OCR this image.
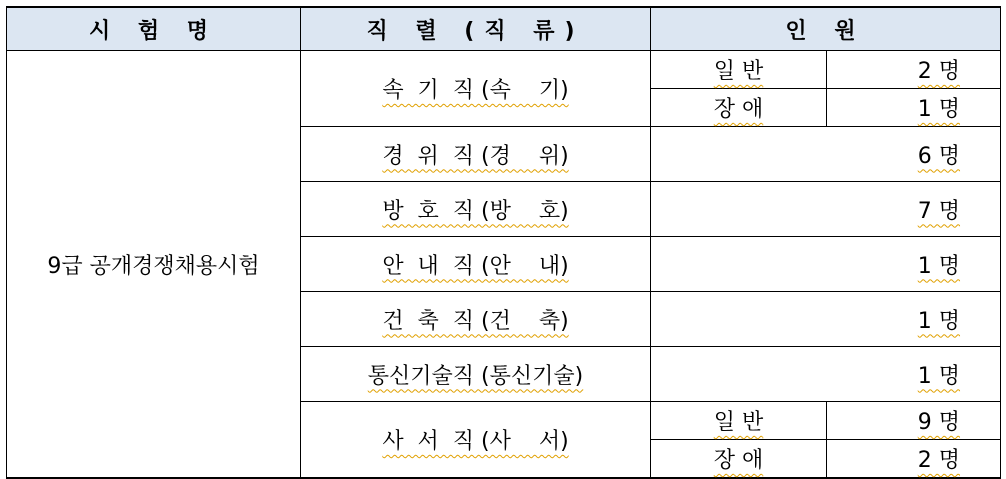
시 험 명	직 렬 (직 류)	인 원	
9급 공개경쟁채용시험	속  기  직 (속    기)	일 반	2 명
		장 애	1 명
	경  위  직 (경    위)	6 명	
	방  호  직 (방    호)	7 명	
	안  내  직 (안    내)	1 명	
	건  축  직 (건    축)	1 명	
	통신기술직 (통신기술)	1 명	
	사  서  직 (사    서)	일 반	9 명
		장 애	2 명
